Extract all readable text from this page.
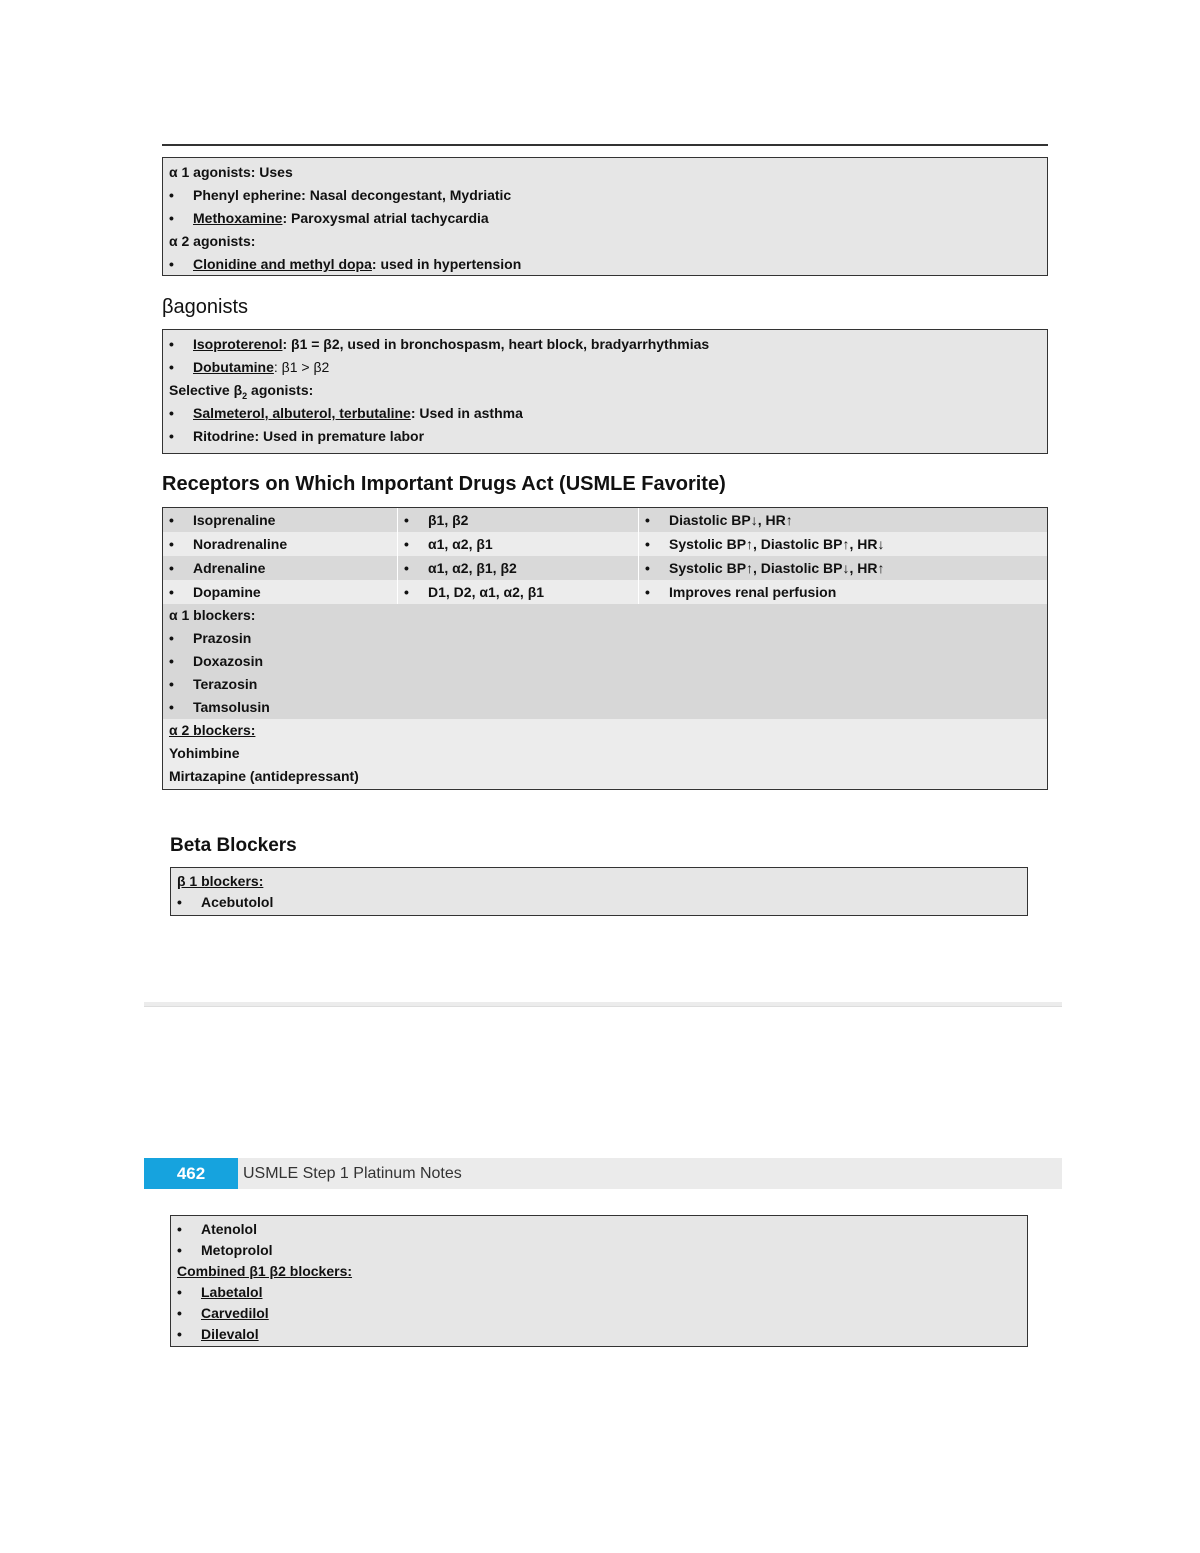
α 1 agonists: Uses
• Phenyl epherine: Nasal decongestant, Mydriatic
• Methoxamine: Paroxysmal atrial tachycardia
α 2 agonists:
• Clonidine and methyl dopa: used in hypertension
βagonists
• Isoproterenol: β1 = β2, used in bronchospasm, heart block, bradyarrhythmias
• Dobutamine: β1 > β2
Selective $\beta_2$ agonists:
• Salmeterol, albuterol, terbutaline: Used in asthma
• Ritodrine: Used in premature labor
Receptors on Which Important Drugs Act (USMLE Favorite)
• Isoprenaline	• β1, β2	• Diastolic BP↓, HR↑
• Noradrenaline	• α1, α2, β1	• Systolic BP↑, Diastolic BP↑, HR↓
• Adrenaline	• α1, α2, β1, β2	• Systolic BP↑, Diastolic BP↓, HR↑
• Dopamine	• D1, D2, α1, α2, β1	• Improves renal perfusion
α 1 blockers:
• Prazosin
• Doxazosin
• Terazosin
• Tamsolusin
α 2 blockers:
Yohimbine
Mirtazapine (antidepressant)
Beta Blockers
β 1 blockers:
• Acebutolol
462	USMLE Step 1 Platinum Notes
• Atenolol
• Metoprolol
Combined β1 β2 blockers:
• Labetalol
• Carvedilol
• Dilevalol
